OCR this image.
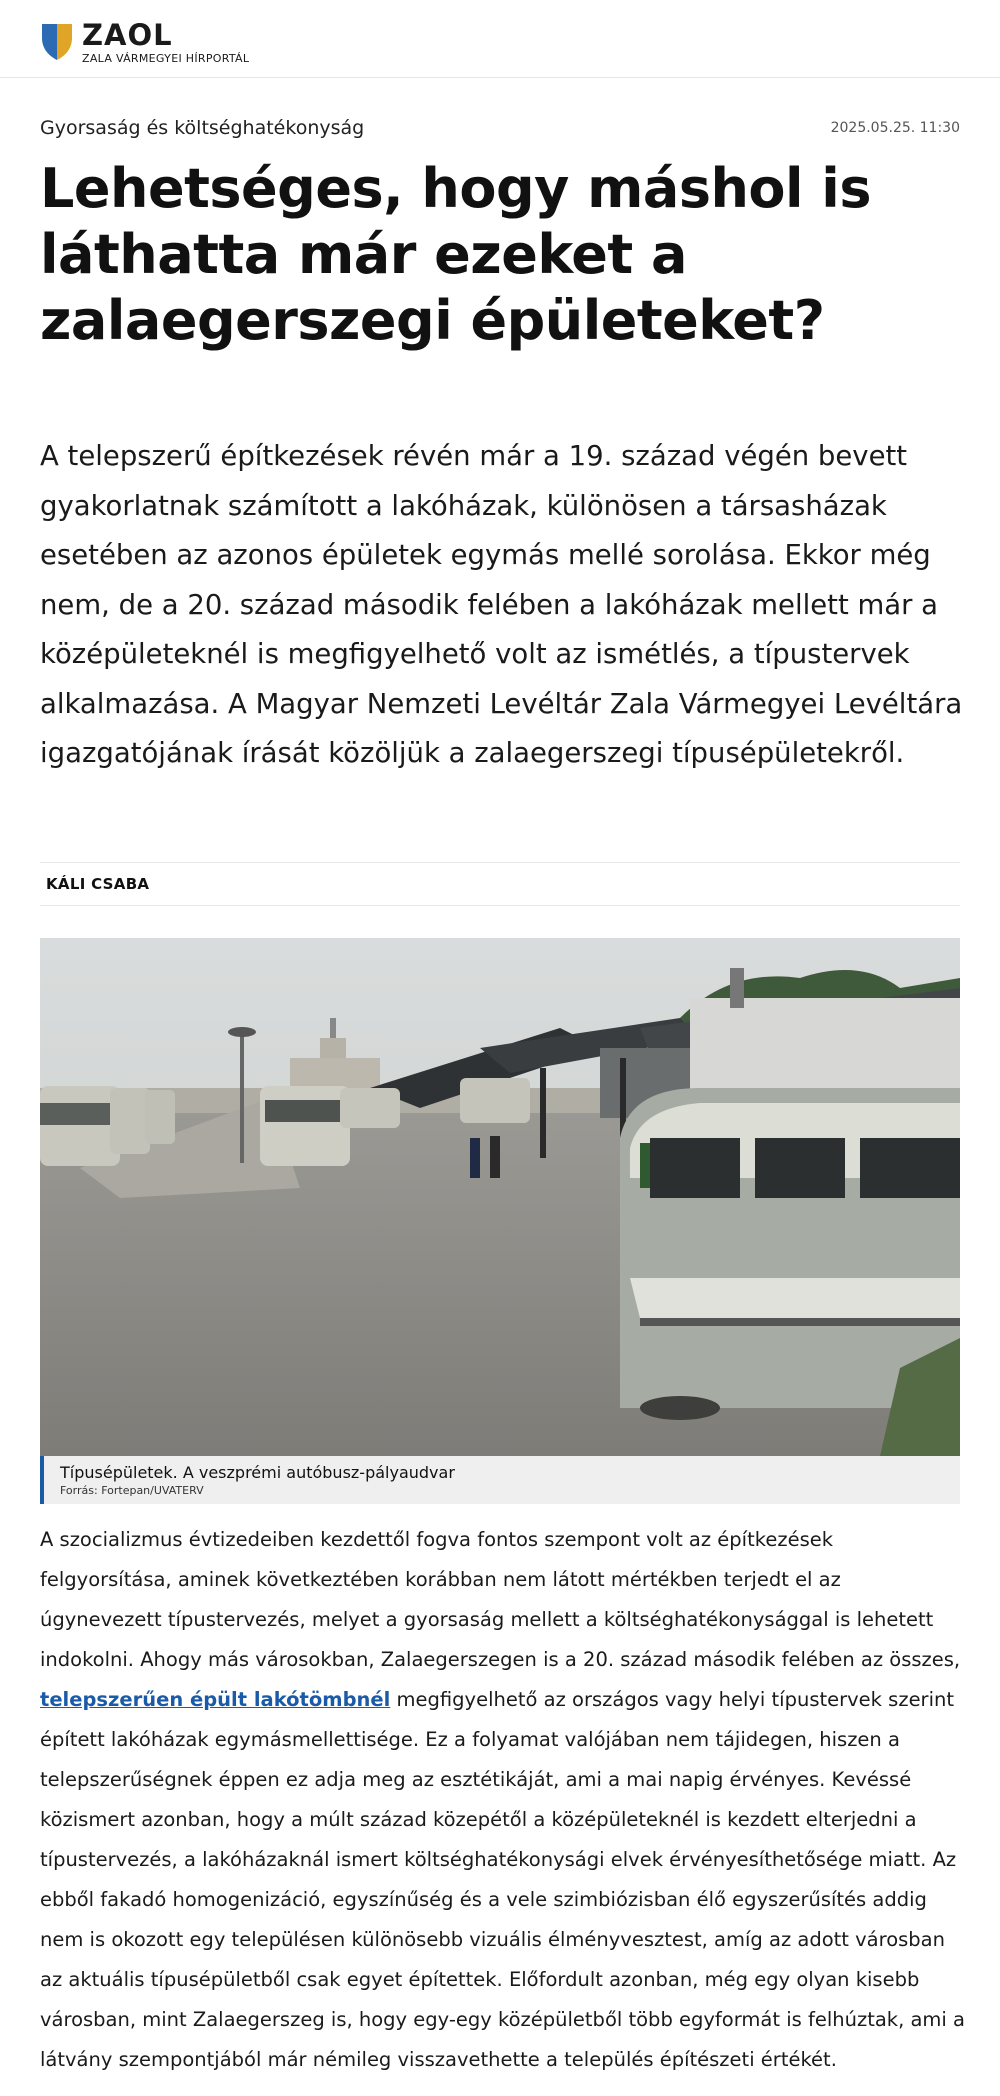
ZAOL
ZALA VÁRMEGYEI HÍRPORTÁL
Gyorsaság és költséghatékonyság	2025.05.25. 11:30
Lehetséges, hogy máshol is láthatta már ezeket a zalaegerszegi épületeket?

A telepszerű építkezések révén már a 19. század végén bevett gyakorlatnak számított a lakóházak, különösen a társasházak esetében az azonos épületek egymás mellé sorolása. Ekkor még nem, de a 20. század második felében a lakóházak mellett már a középületeknél is megfigyelhető volt az ismétlés, a típustervek alkalmazása. A Magyar Nemzeti Levéltár Zala Vármegyei Levéltára igazgatójának írását közöljük a zalaegerszegi típusépületekről.

KÁLI CSABA
Típusépületek. A veszprémi autóbusz-pályaudvar
Forrás: Fortepan/UVATERV

A szocializmus évtizedeiben kezdettől fogva fontos szempont volt az építkezések felgyorsítása, aminek következtében korábban nem látott mértékben terjedt el az úgynevezett típustervezés, melyet a gyorsaság mellett a költséghatékonysággal is lehetett indokolni. Ahogy más városokban, Zalaegerszegen is a 20. század második felében az összes, telepszerűen épült lakótömbnél megfigyelhető az országos vagy helyi típustervek szerint épített lakóházak egymásmellettisége. Ez a folyamat valójában nem tájidegen, hiszen a telepszerűségnek éppen ez adja meg az esztétikáját, ami a mai napig érvényes. Kevéssé közismert azonban, hogy a múlt század közepétől a középületeknél is kezdett elterjedni a típustervezés, a lakóházaknál ismert költséghatékonysági elvek érvényesíthetősége miatt. Az ebből fakadó homogenizáció, egyszínűség és a vele szimbiózisban élő egyszerűsítés addig nem is okozott egy településen különösebb vizuális élményvesztest, amíg az adott városban az aktuális típusépületből csak egyet építettek. Előfordult azonban, még egy olyan kisebb városban, mint Zalaegerszeg is, hogy egy-egy középületből több egyformát is felhúztak, ami a látvány szempontjából már némileg visszavethette a település építészeti értékét.
